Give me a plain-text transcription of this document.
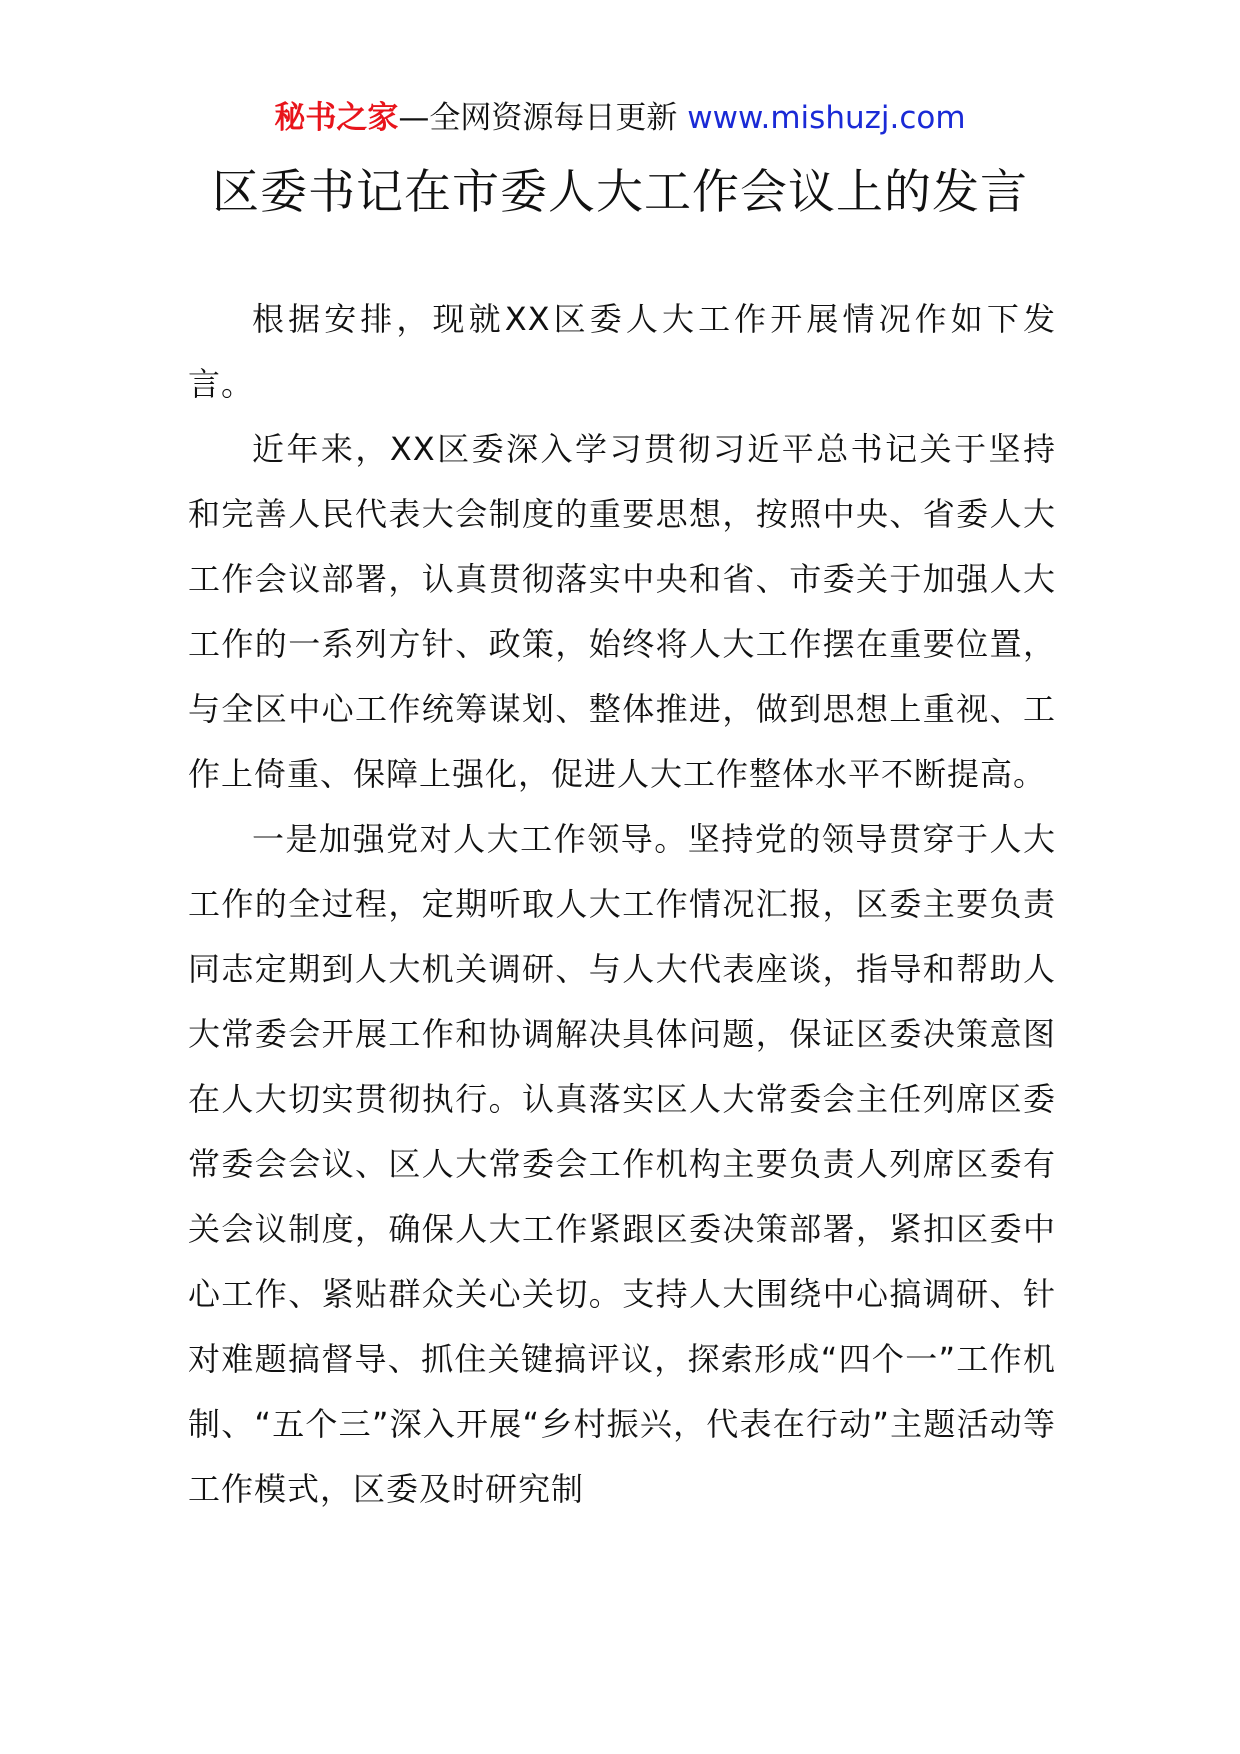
秘书之家—全网资源每日更新 www.mishuzj.com
区委书记在市委人大工作会议上的发言

根据安排，现就XX区委人大工作开展情况作如下发言。

近年来，XX区委深入学习贯彻习近平总书记关于坚持和完善人民代表大会制度的重要思想，按照中央、省委人大工作会议部署，认真贯彻落实中央和省、市委关于加强人大工作的一系列方针、政策，始终将人大工作摆在重要位置，与全区中心工作统筹谋划、整体推进，做到思想上重视、工作上倚重、保障上强化，促进人大工作整体水平不断提高。

一是加强党对人大工作领导。坚持党的领导贯穿于人大工作的全过程，定期听取人大工作情况汇报，区委主要负责同志定期到人大机关调研、与人大代表座谈，指导和帮助人大常委会开展工作和协调解决具体问题，保证区委决策意图在人大切实贯彻执行。认真落实区人大常委会主任列席区委常委会会议、区人大常委会工作机构主要负责人列席区委有关会议制度，确保人大工作紧跟区委决策部署，紧扣区委中心工作、紧贴群众关心关切。支持人大围绕中心搞调研、针对难题搞督导、抓住关键搞评议，探索形成“四个一”工作机制、“五个三”深入开展“乡村振兴，代表在行动”主题活动等工作模式，区委及时研究制
